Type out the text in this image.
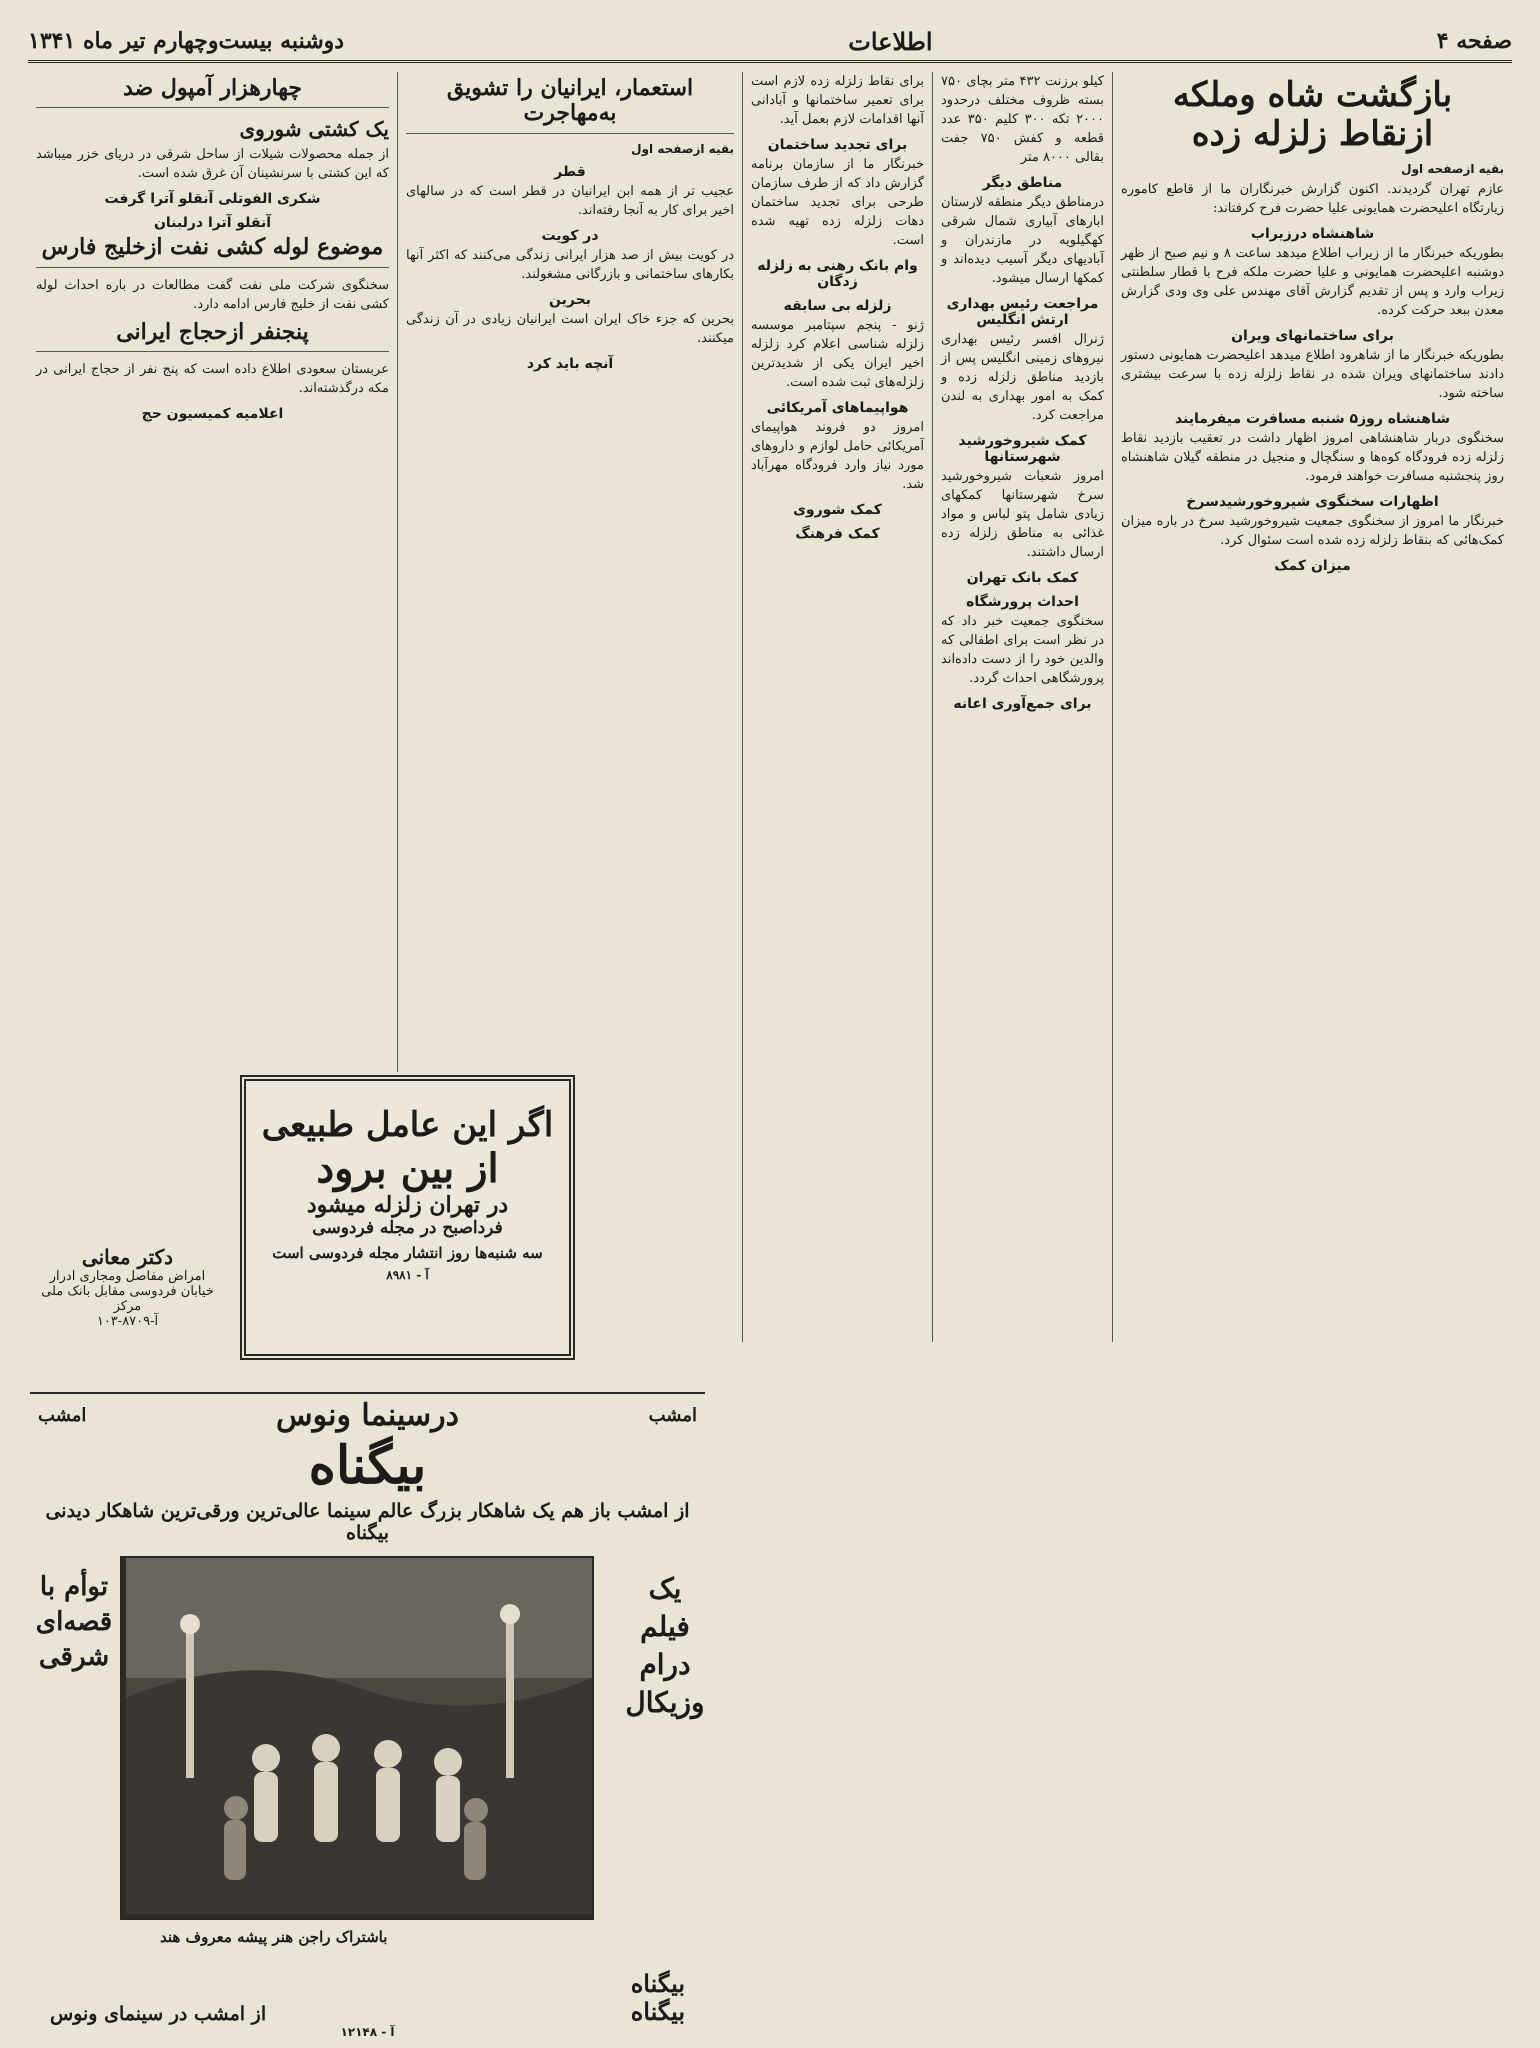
صفحه ۴
اطلاعات
دوشنبه بیست‌وچهارم تیر ماه ۱۳۴۱
بازگشت شاه وملکه ازنقاط زلزله زده
بقیه ازصفحه اول

عازم تهران گردیدند. اکنون گزارش خبرنگاران ما از قاطع کاموره زیارتگاه اعلیحضرت همایونی علیا حضرت فرح کرفتاند:

شاهنشاه درزیراب

بطوریکه خبرنگار ما از زیراب اطلاع میدهد ساعت ۸ و نیم صبح از ظهر دوشنبه اعلیحضرت همایونی و علیا حضرت ملکه فرح با قطار سلطنتی زیراب وارد و پس از تقدیم گزارش آقای مهندس علی وی ودی گزارش معدن ببعد حرکت کرده.

برای ساختمانهای ویران

بطوریکه خبرنگار ما از شاهرود اطلاع میدهد اعلیحضرت همایونی دستور دادند ساختمانهای ویران شده در نقاط زلزله زده با سرعت بیشتری ساخته شود.

شاهنشاه روز۵ شنبه مسافرت میفرمایند

سخنگوی دربار شاهنشاهی امروز اظهار داشت در تعقیب بازدید نقاط زلزله زده فرودگاه کوه‌ها و سنگچال و منجیل در منطقه گیلان شاهنشاه روز پنجشنبه مسافرت خواهند فرمود.

اظهارات سخنگوی شیروخورشیدسرخ

خبرنگار ما امروز از سخنگوی جمعیت شیروخورشید سرخ در باره میزان کمک‌هائی که بنقاط زلزله زده شده است سئوال کرد.

میزان کمک

کیلو برزنت ۴۳۲ متر بچای ۷۵۰ بسته ظروف مختلف درحدود ۲۰۰۰ تکه ۳۰۰ کلیم ۳۵۰ عدد قطعه و کفش ۷۵۰ جفت بقالی ۸۰۰۰ متر

مناطق دیگر

درمناطق دیگر منطقه لارستان ابارهای آبیاری شمال شرقی کهگیلویه در مازندران و آبادیهای دیگر آسیب دیده‌اند و کمکها ارسال میشود.

مراجعت رئیس بهداری ارتش انگلیس

ژنرال افسر رئیس بهداری نیروهای زمینی انگلیس پس از بازدید مناطق زلزله زده و کمک به امور بهداری به لندن مراجعت کرد.

کمک شیروخورشید شهرستانها

امروز شعبات شیروخورشید سرخ شهرستانها کمکهای زیادی شامل پتو لباس و مواد غذائی به مناطق زلزله زده ارسال داشتند.

کمک بانک تهران
احداث پرورشگاه

سخنگوی جمعیت خبر داد که در نظر است برای اطفالی که والدین خود را از دست داده‌اند پرورشگاهی احداث گردد.

برای جمع‌آوری اعانه

برای نقاط زلزله زده لازم است برای تعمیر ساختمانها و آبادانی آنها اقدامات لازم بعمل آید.

برای تجدید ساختمان

خبرنگار ما از سازمان برنامه گزارش داد که از طرف سازمان طرحی برای تجدید ساختمان دهات زلزله زده تهیه شده است.

وام بانک رهنی به زلزله زدگان
زلزله بی سابقه

ژنو - پنجم سپتامبر موسسه زلزله شناسی اعلام کرد زلزله اخیر ایران یکی از شدیدترین زلزله‌های ثبت شده است.

هواپیماهای آمریکائی

امروز دو فروند هواپیمای آمریکائی حامل لوازم و داروهای مورد نیاز وارد فرودگاه مهرآباد شد.

کمک شوروی
کمک فرهنگ
استعمار، ایرانیان را تشویق به‌مهاجرت
بقیه ازصفحه اول
قطر

عجیب تر از همه ابن ایرانیان در قطر است که در سالهای اخیر برای کار به آنجا رفته‌اند.

در کویت

در کویت بیش از صد هزار ایرانی زندگی می‌کنند که اکثر آنها بکارهای ساختمانی و بازرگانی مشغولند.

بحرین

بحرین که جزء خاک ایران است ایرانیان زیادی در آن زندگی میکنند.

آنچه باید کرد
چهارهزار آمپول ضد
یک کشتی شوروی

از جمله محصولات شیلات از ساحل شرقی در دریای خزر میباشد که این کشتی با سرنشینان آن غرق شده است.

شکری الفوتلی آنقلو آترا گرفت
آنقلو آترا درلبنان
موضوع لوله کشی نفت ازخلیج فارس

سخنگوی شرکت ملی نفت گفت مطالعات در باره احداث لوله کشی نفت از خلیج فارس ادامه دارد.

پنجنفر ازحجاج ایرانی

عربستان سعودی اطلاع داده است که پنج نفر از حجاج ایرانی در مکه درگذشته‌اند.

اعلامیه کمیسیون حج
اگر این عامل طبیعی
از بین برود
در تهران زلزله میشود
فرداصبح در مجله فردوسی
سه شنبه‌ها روز انتشار مجله فردوسی است
آ - ۸۹۸۱
دکتر معانی
امراض مفاصل ومجاری ادرار
خیابان فردوسی مقابل بانک ملی مرکز
آ-۸۷۰۹-۱۰۳
امشب
درسینما ونوس
امشب
بیگناه
از امشب باز هم یک شاهکار بزرگ عالم سینما عالی‌ترین ورقی‌ترین شاهکار دیدنی بیگناه
یک فیلم درام وزیکال
توأم با قصه‌ای شرقی
باشتراک راجن هنر پیشه معروف هند
بیگناه
بیگناه
از امشب در سینمای ونوس
آ - ۱۲۱۴۸
